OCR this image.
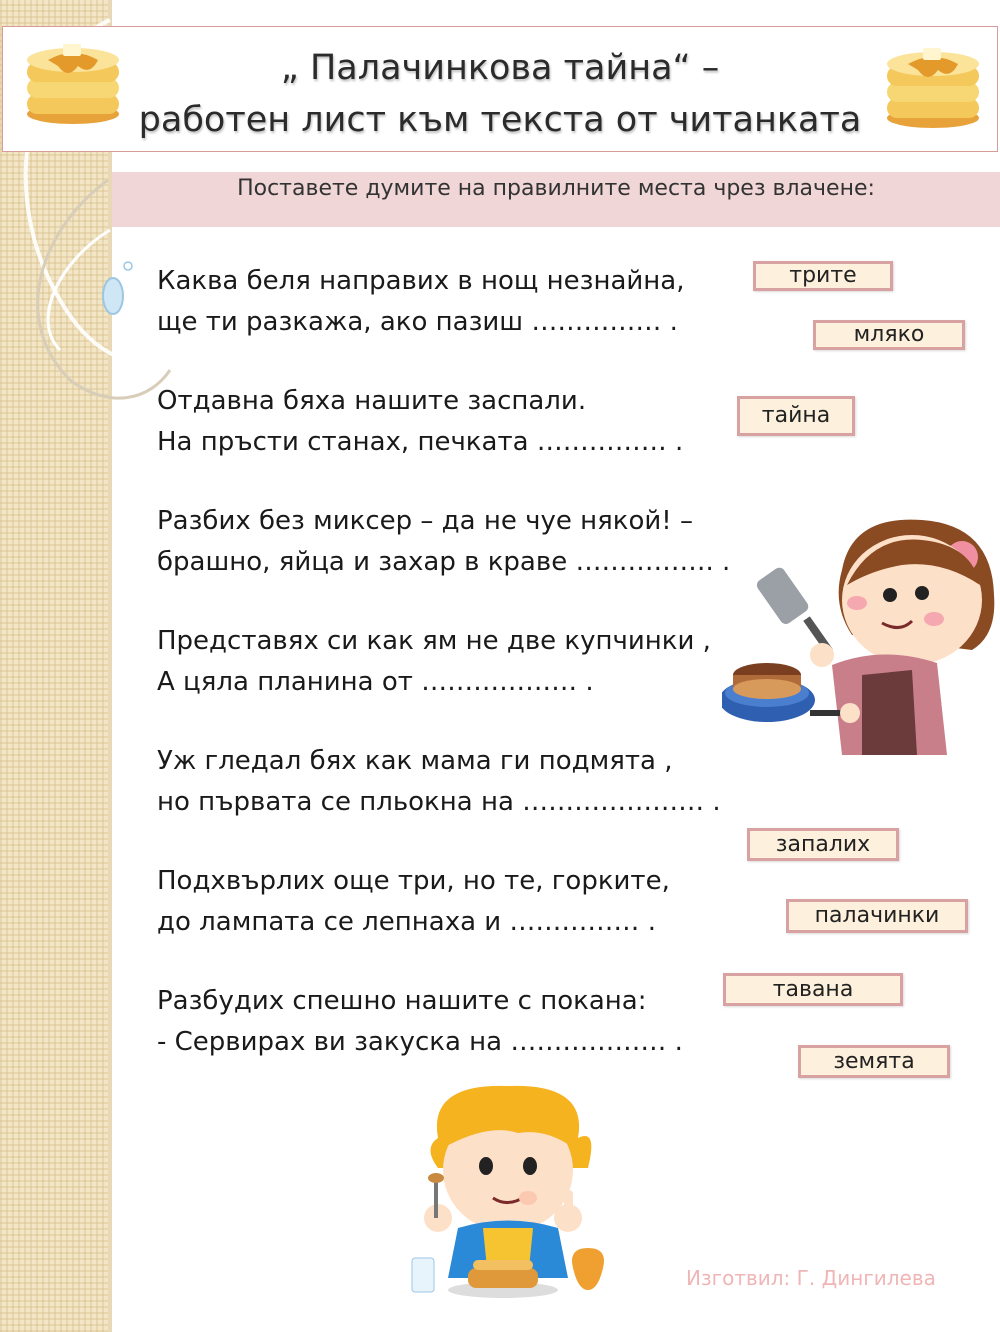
„ Палачинкова тайна“ –
работен лист към текста от читанката
Поставете думите на правилните места чрез влачене:
Каква беля направих в нощ незнайна,
ще ти разкажа, ако пазиш …………… .
Отдавна бяха нашите заспали.
На пръсти станах, печката …………… .
Разбих без миксер – да не чуе някой! –
брашно, яйца и захар в краве ……………. .
Представях си как ям не две купчинки ,
А цяла планина от ……………… .
Уж гледал бях как мама ги подмята ,
но първата се пльокна на ………………… .
Подхвърлих още три, но те, горките,
до лампата се лепнаха и …………… .
Разбудих спешно нашите с покана:
- Сервирах ви закуска на ……………… .
трите
мляко
тайна
запалих
палачинки
тавана
земята
Изготвил: Г. Дингилева
